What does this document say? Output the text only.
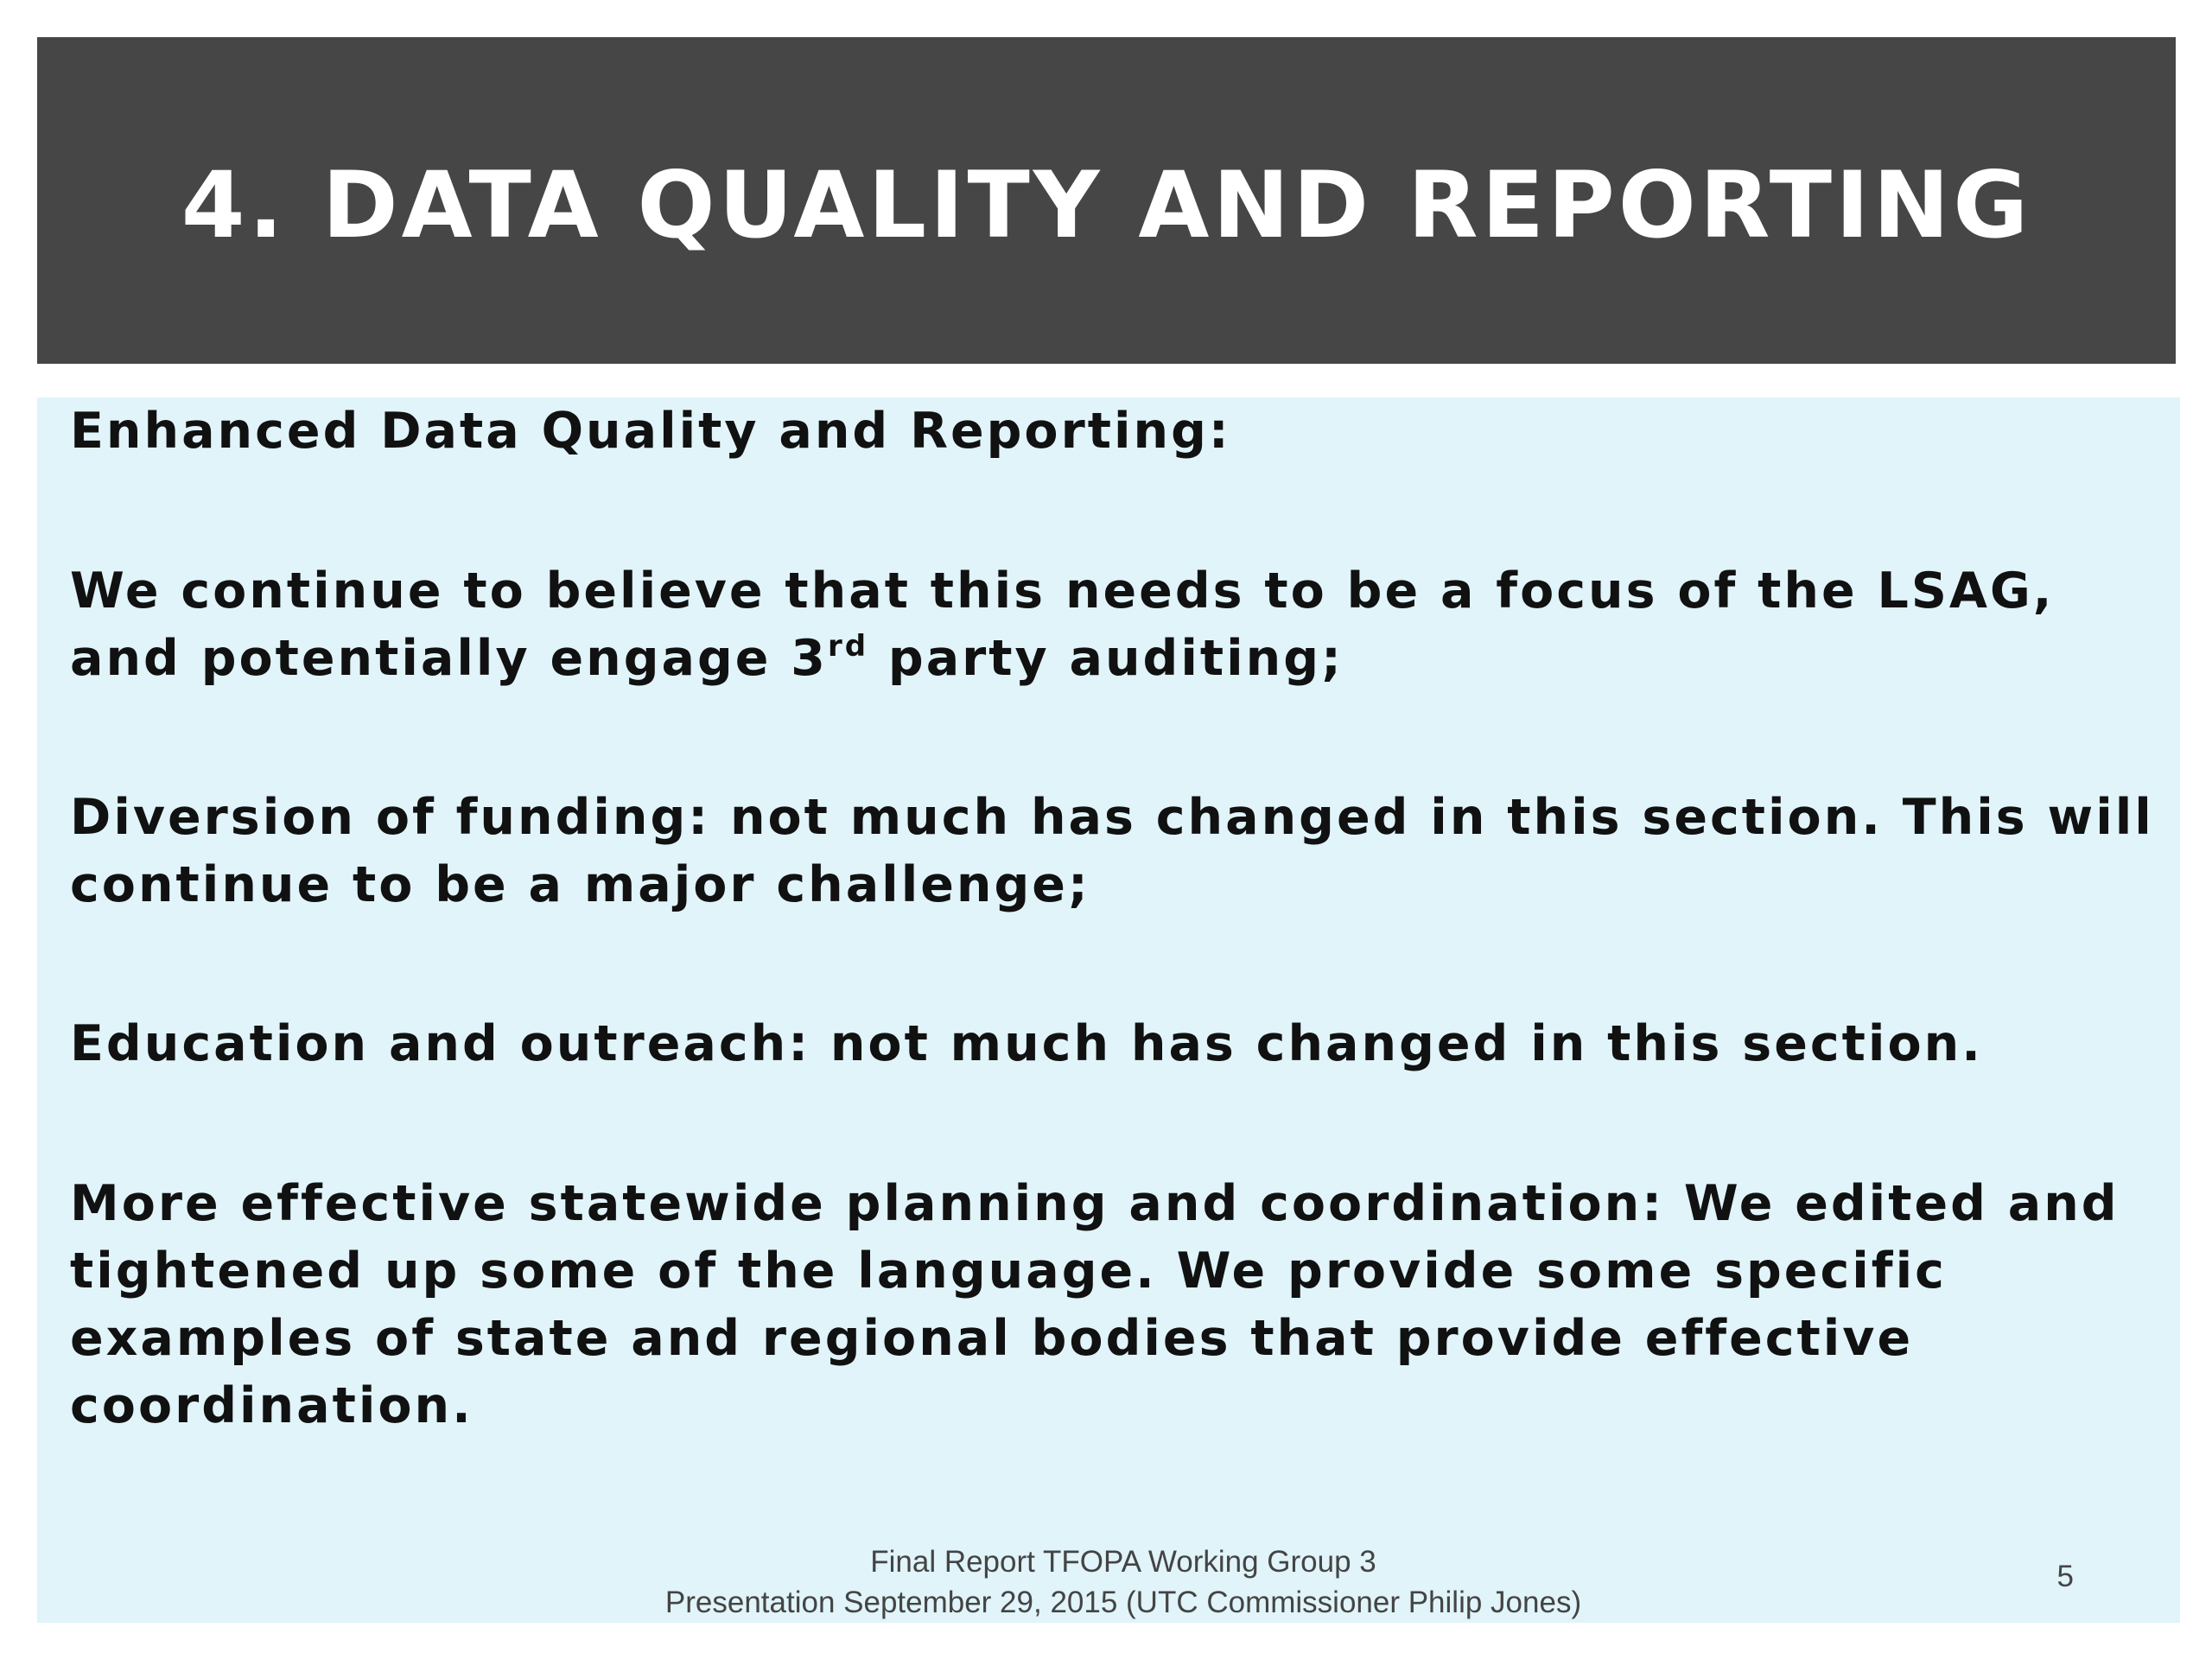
4. DATA QUALITY AND REPORTING

Enhanced Data Quality and Reporting:

We continue to believe that this needs to be a focus of the LSAG, and potentially engage 3rd party auditing;

Diversion of funding: not much has changed in this section. This will continue to be a major challenge;

Education and outreach: not much has changed in this section.

More effective statewide planning and coordination: We edited and tightened up some of the language. We provide some specific examples of state and regional bodies that provide effective coordination.

Final Report TFOPA Working Group 3
Presentation September 29, 2015 (UTC Commissioner Philip Jones)
5
